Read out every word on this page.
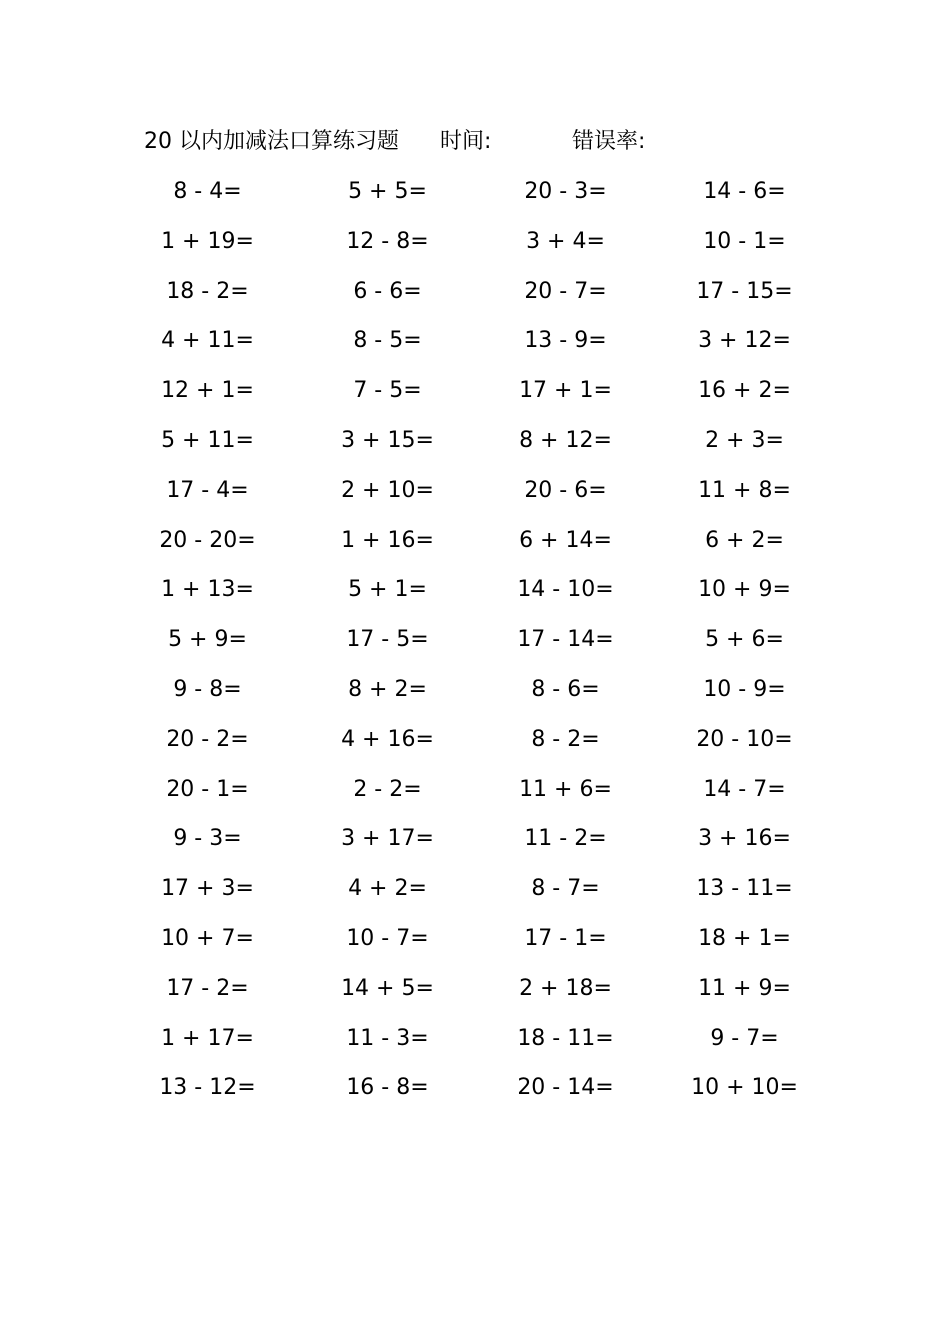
20 以内加减法口算练习题 时间:	错误率:
8 - 4=	5 + 5=	20 - 3=	14 - 6=
1 + 19=	12 - 8=	3 + 4=	10 - 1=
18 - 2=	6 - 6=	20 - 7=	17 - 15=
4 + 11=	8 - 5=	13 - 9=	3 + 12=
12 + 1=	7 - 5=	17 + 1=	16 + 2=
5 + 11=	3 + 15=	8 + 12=	2 + 3=
17 - 4=	2 + 10=	20 - 6=	11 + 8=
20 - 20=	1 + 16=	6 + 14=	6 + 2=
1 + 13=	5 + 1=	14 - 10=	10 + 9=
5 + 9=	17 - 5=	17 - 14=	5 + 6=
9 - 8=	8 + 2=	8 - 6=	10 - 9=
20 - 2=	4 + 16=	8 - 2=	20 - 10=
20 - 1=	2 - 2=	11 + 6=	14 - 7=
9 - 3=	3 + 17=	11 - 2=	3 + 16=
17 + 3=	4 + 2=	8 - 7=	13 - 11=
10 + 7=	10 - 7=	17 - 1=	18 + 1=
17 - 2=	14 + 5=	2 + 18=	11 + 9=
1 + 17=	11 - 3=	18 - 11=	9 - 7=
13 - 12=	16 - 8=	20 - 14=	10 + 10=
